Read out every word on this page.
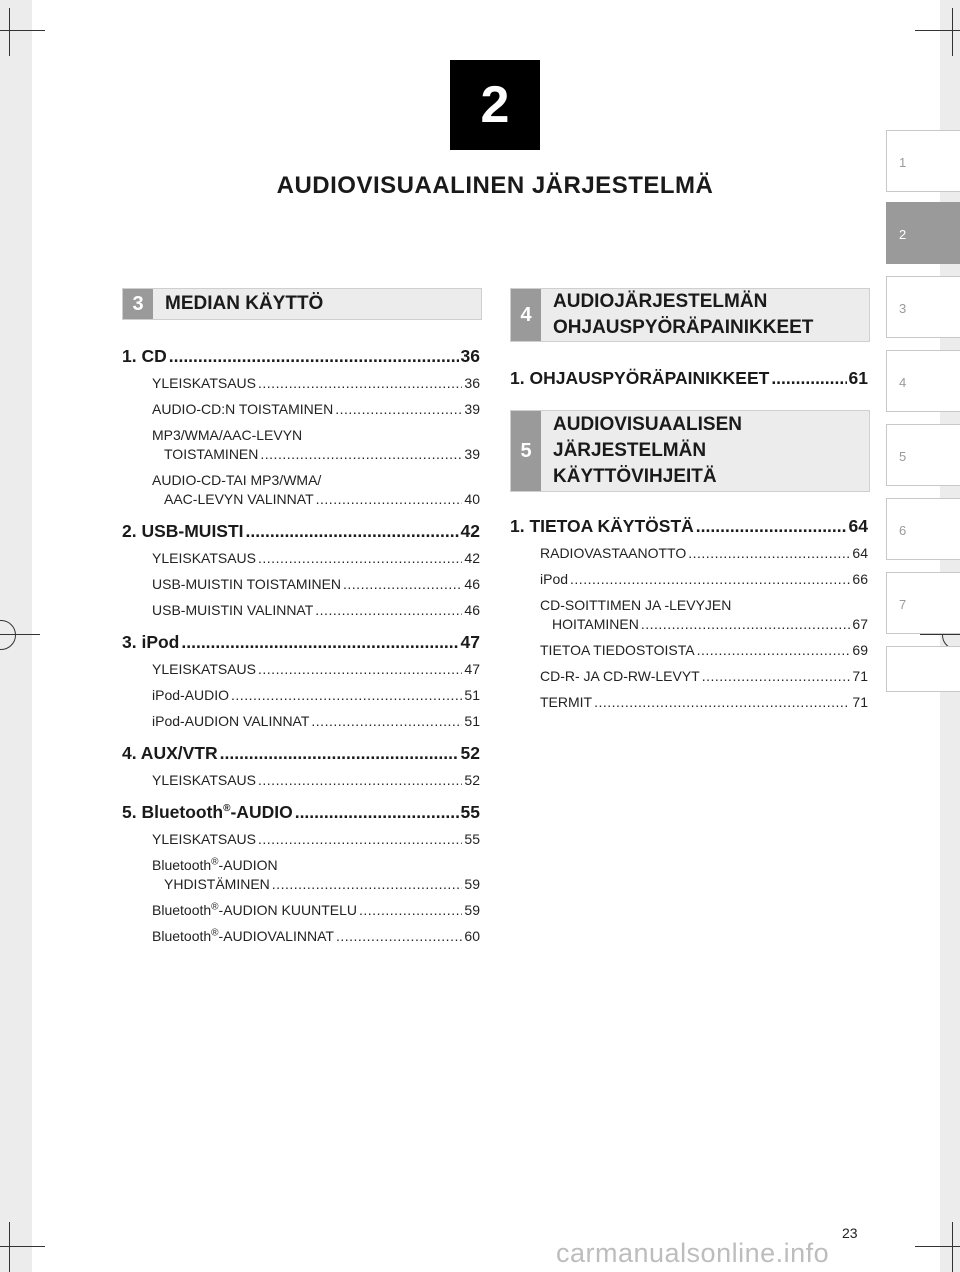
2
AUDIOVISUAALINEN JÄRJESTELMÄ
1
2
3
4
5
6
7
3	MEDIAN KÄYTTÖ
1. CD .....	36
YLEISKATSAUS .....	36
AUDIO-CD:N TOISTAMINEN .....	39
MP3/WMA/AAC-LEVYN
TOISTAMINEN .....	39
AUDIO-CD-TAI MP3/WMA/
AAC-LEVYN VALINNAT .....	40
2. USB-MUISTI .....	42
YLEISKATSAUS .....	42
USB-MUISTIN TOISTAMINEN .....	46
USB-MUISTIN VALINNAT .....	46
3. iPod .....	47
YLEISKATSAUS .....	47
iPod-AUDIO .....	51
iPod-AUDION VALINNAT .....	51
4. AUX/VTR .....	52
YLEISKATSAUS .....	52
5. Bluetooth®-AUDIO .....	55
YLEISKATSAUS .....	55
Bluetooth®-AUDION
YHDISTÄMINEN .....	59
Bluetooth®-AUDION KUUNTELU .....	59
Bluetooth®-AUDIOVALINNAT .....	60
4
AUDIOJÄRJESTELMÄN OHJAUSPYÖRÄPAINIKKEET
1. OHJAUSPYÖRÄPAINIKKEET .....	61
5
AUDIOVISUAALISEN JÄRJESTELMÄN KÄYTTÖVIHJEITÄ
1. TIETOA KÄYTÖSTÄ .....	64
RADIOVASTAANOTTO .....	64
iPod .....	66
CD-SOITTIMEN JA -LEVYJEN
HOITAMINEN .....	67
TIETOA TIEDOSTOISTA .....	69
CD-R- JA CD-RW-LEVYT .....	71
TERMIT .....	71
23
carmanualsonline.info
